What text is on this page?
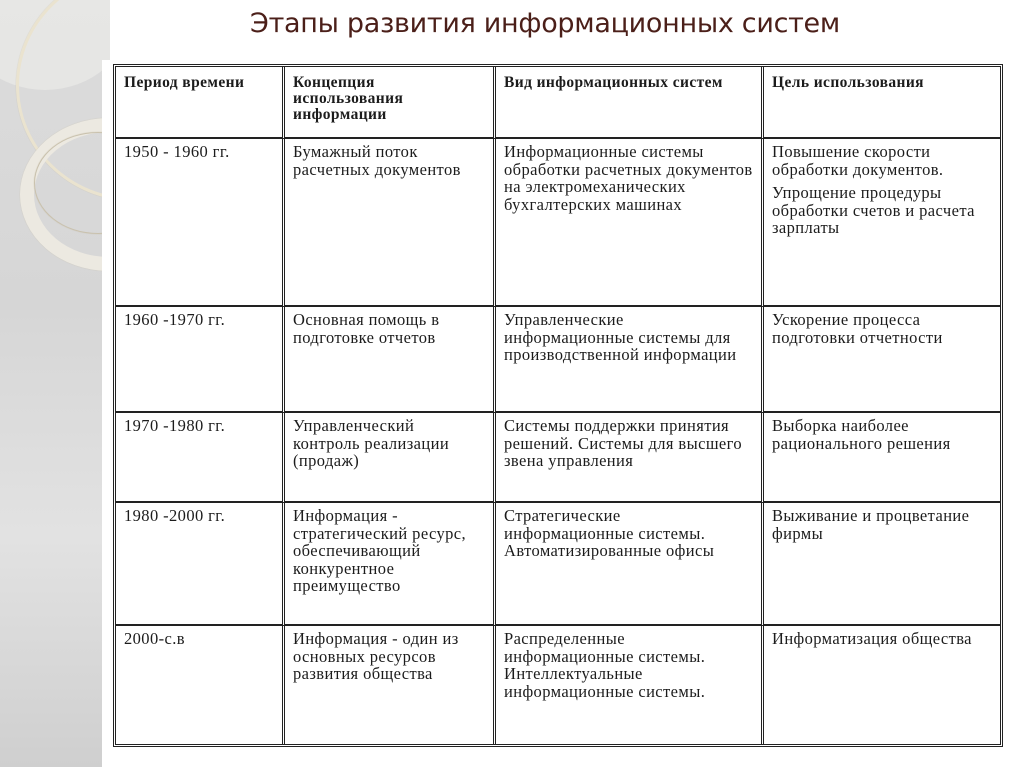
Этапы развития информационных систем
Период времени	Концепция использования информации	Вид информационных систем	Цель использования
1950 - 1960 гг.	Бумажный поток расчетных документов	Информационные системы обработки расчетных документов на электромеханических бухгалтерских машинах	Повышение скорости обработки документов.
Упрощение процедуры обработки счетов и расчета зарплаты

1960 -1970 гг.	Основная помощь в подготовке отчетов	Управленческие информационные системы для производственной информации	Ускорение процесса подготовки отчетности
1970 -1980 гг.	Управленческий контроль реализации (продаж)	Системы поддержки принятия решений. Системы для высшего звена управления	Выборка наиболее рационального решения
1980 -2000 гг.	Информация - стратегический ресурс, обеспечивающий конкурентное преимущество	Стратегические информационные системы. Автоматизированные офисы	Выживание и процветание фирмы
2000-с.в	Информация - один из основных ресурсов развития общества	Распределенные информационные системы. Интеллектуальные информационные системы.	Информатизация общества
